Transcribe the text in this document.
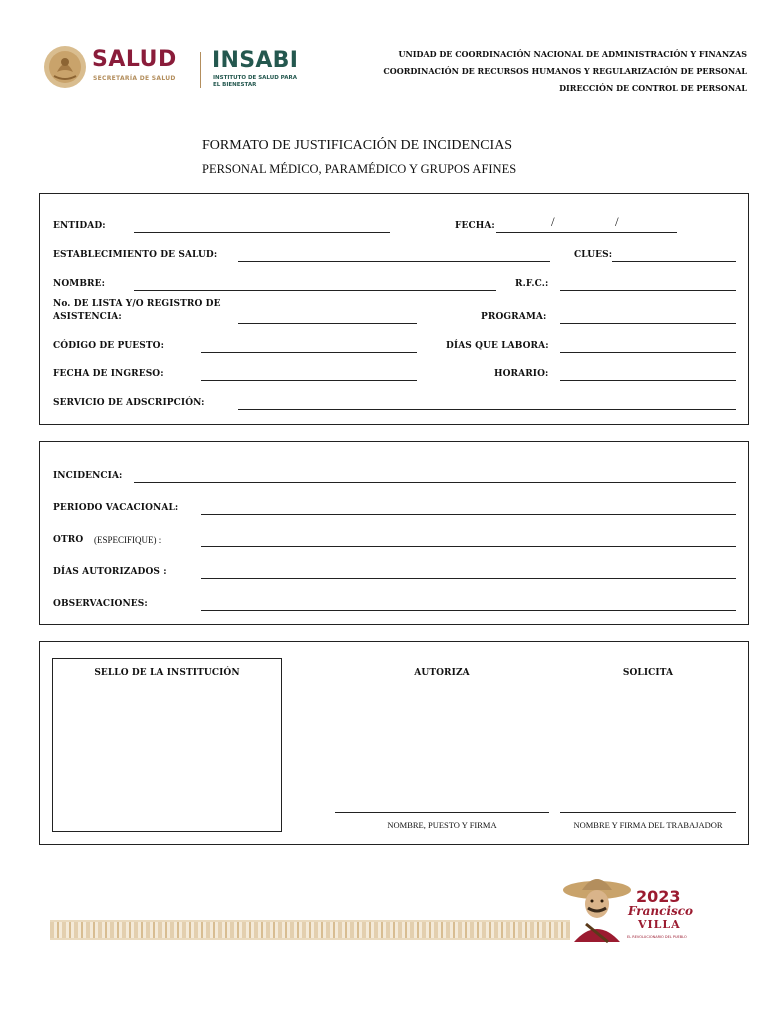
SALUD
SECRETARÍA DE SALUD
INSABI
INSTITUTO DE SALUD PARA
EL BIENESTAR
UNIDAD DE COORDINACIÓN NACIONAL DE ADMINISTRACIÓN Y FINANZAS
COORDINACIÓN DE RECURSOS HUMANOS Y REGULARIZACIÓN DE PERSONAL
DIRECCIÓN DE CONTROL DE PERSONAL
FORMATO DE JUSTIFICACIÓN DE INCIDENCIAS
PERSONAL MÉDICO, PARAMÉDICO Y GRUPOS AFINES
ENTIDAD:	FECHA:	/	/
ESTABLECIMIENTO DE SALUD:	CLUES:
NOMBRE:	R.F.C.:
No. DE LISTA Y/O REGISTRO DE
ASISTENCIA:	PROGRAMA:
CÓDIGO DE PUESTO:	DÍAS QUE LABORA:
FECHA DE INGRESO:	HORARIO:
SERVICIO DE ADSCRIPCIÓN:
INCIDENCIA:
PERIODO VACACIONAL:
OTRO (ESPECIFIQUE) :
DÍAS AUTORIZADOS :
OBSERVACIONES:
SELLO DE LA INSTITUCIÓN	AUTORIZA	SOLICITA
NOMBRE, PUESTO Y FIRMA	NOMBRE Y FIRMA DEL TRABAJADOR
2023
Francisco
VILLA
EL REVOLUCIONARIO DEL PUEBLO
